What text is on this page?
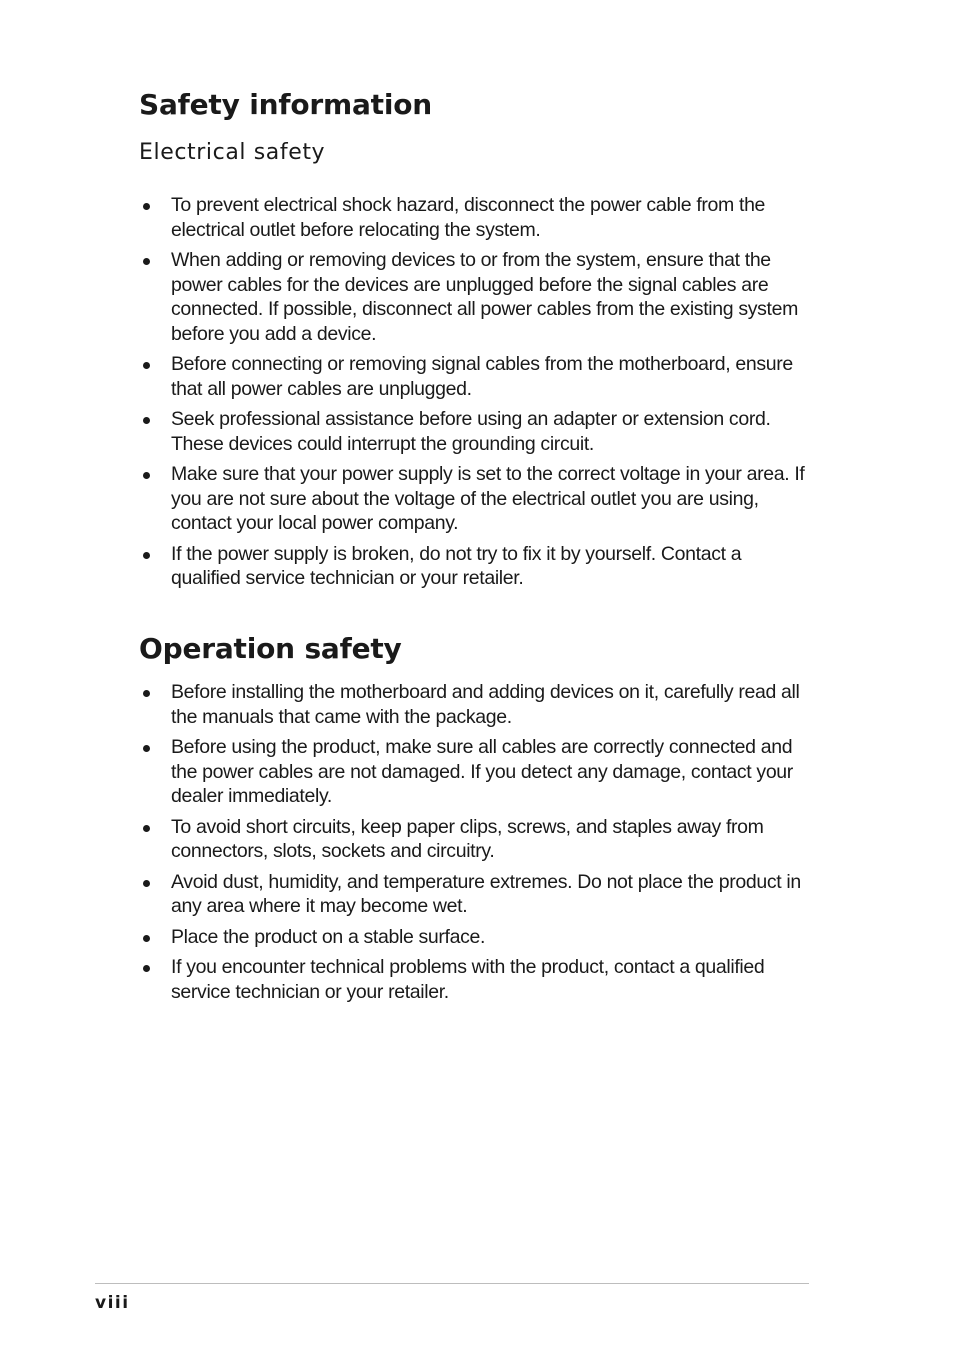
Safety information
Electrical safety
To prevent electrical shock hazard, disconnect the power cable from the electrical outlet before relocating the system.
When adding or removing devices to or from the system, ensure that the power cables for the devices are unplugged before the signal cables are connected. If possible, disconnect all power cables from the existing system before you add a device.
Before connecting or removing signal cables from the motherboard, ensure that all power cables are unplugged.
Seek professional assistance before using an adapter or extension cord. These devices could interrupt the grounding circuit.
Make sure that your power supply is set to the correct voltage in your area. If you are not sure about the voltage of the electrical outlet you are using, contact your local power company.
If the power supply is broken, do not try to fix it by yourself. Contact a qualified service technician or your retailer.
Operation safety
Before installing the motherboard and adding devices on it, carefully read all the manuals that came with the package.
Before using the product, make sure all cables are correctly connected and the power cables are not damaged. If you detect any damage, contact your dealer immediately.
To avoid short circuits, keep paper clips, screws, and staples away from connectors, slots, sockets and circuitry.
Avoid dust, humidity, and temperature extremes. Do not place the product in any area where it may become wet.
Place the product on a stable surface.
If you encounter technical problems with the product, contact a qualified service technician or your retailer.
viii
